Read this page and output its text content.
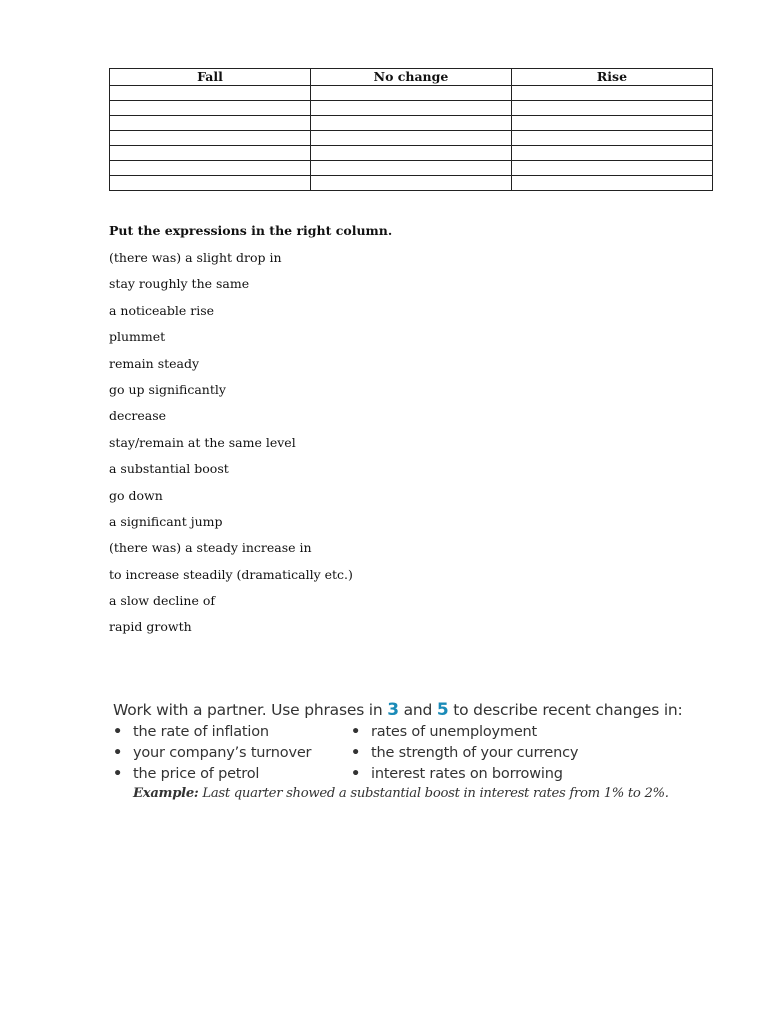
Fall	No change	Rise

Put the expressions in the right column.

(there was) a slight drop in
stay roughly the same
a noticeable rise
plummet
remain steady
go up significantly
decrease
stay/remain at the same level
a substantial boost
go down
a significant jump
(there was) a steady increase in
to increase steadily (dramatically etc.)
a slow decline of
rapid growth

Work with a partner. Use phrases in 3 and 5 to describe recent changes in:

• the rate of inflation
• your company’s turnover
• the price of petrol
• rates of unemployment
• the strength of your currency
• interest rates on borrowing

Example: Last quarter showed a substantial boost in interest rates from 1% to 2%.
